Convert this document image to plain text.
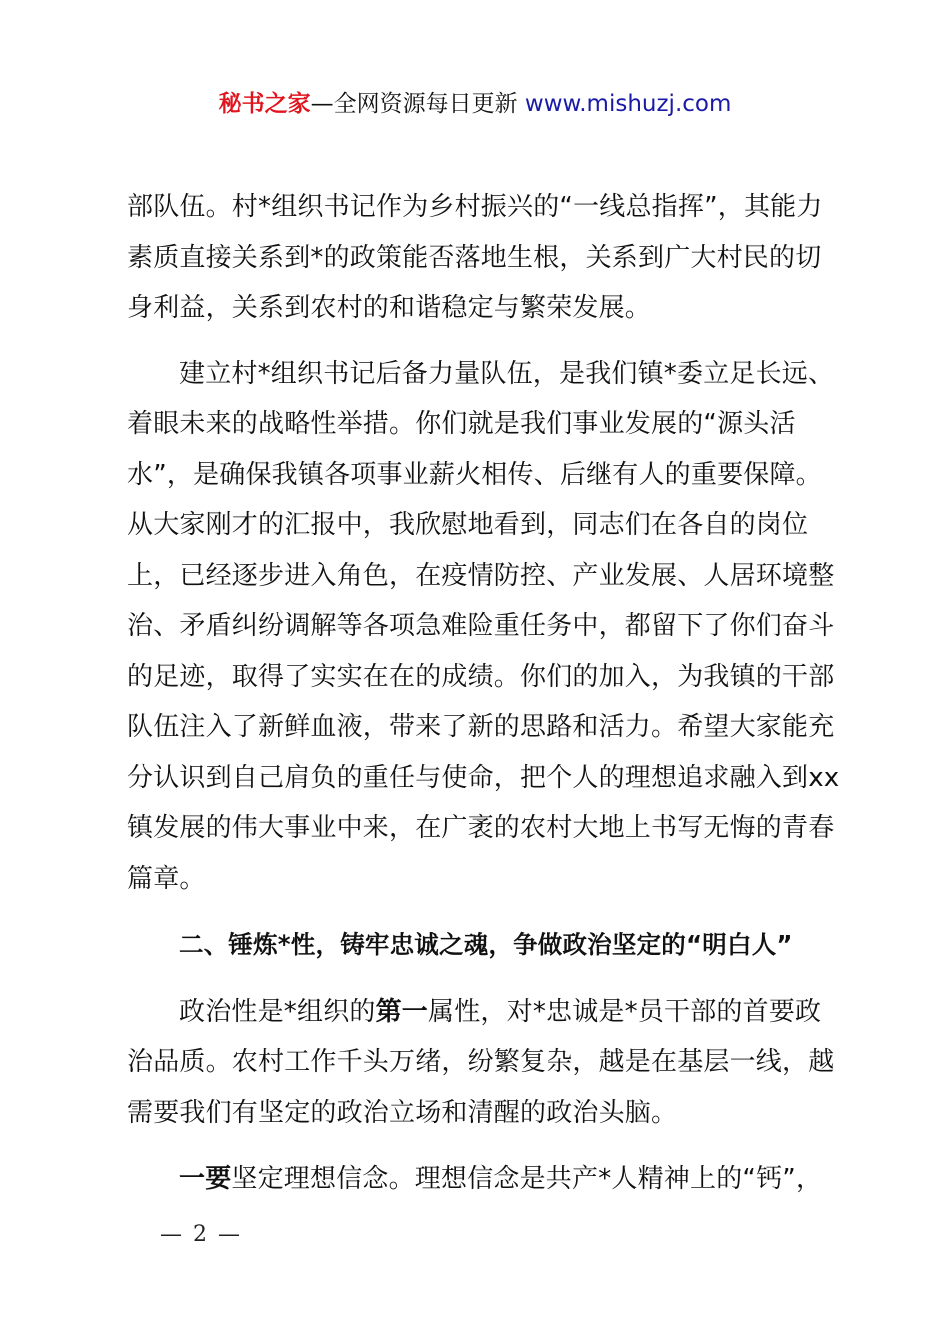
秘书之家—全网资源每日更新 www.mishuzj.com

部队伍。村*组织书记作为乡村振兴的“一线总指挥”，其能力素质直接关系到*的政策能否落地生根，关系到广大村民的切身利益，关系到农村的和谐稳定与繁荣发展。

建立村*组织书记后备力量队伍，是我们镇*委立足长远、着眼未来的战略性举措。你们就是我们事业发展的“源头活水”，是确保我镇各项事业薪火相传、后继有人的重要保障。从大家刚才的汇报中，我欣慰地看到，同志们在各自的岗位上，已经逐步进入角色，在疫情防控、产业发展、人居环境整治、矛盾纠纷调解等各项急难险重任务中，都留下了你们奋斗的足迹，取得了实实在在的成绩。你们的加入，为我镇的干部队伍注入了新鲜血液，带来了新的思路和活力。希望大家能充分认识到自己肩负的重任与使命，把个人的理想追求融入到xx镇发展的伟大事业中来，在广袤的农村大地上书写无悔的青春篇章。

二、锤炼*性，铸牢忠诚之魂，争做政治坚定的“明白人”

政治性是*组织的第一属性，对*忠诚是*员干部的首要政治品质。农村工作千头万绪，纷繁复杂，越是在基层一线，越需要我们有坚定的政治立场和清醒的政治头脑。

一要坚定理想信念。理想信念是共产*人精神上的“钙”，

— 2 —
